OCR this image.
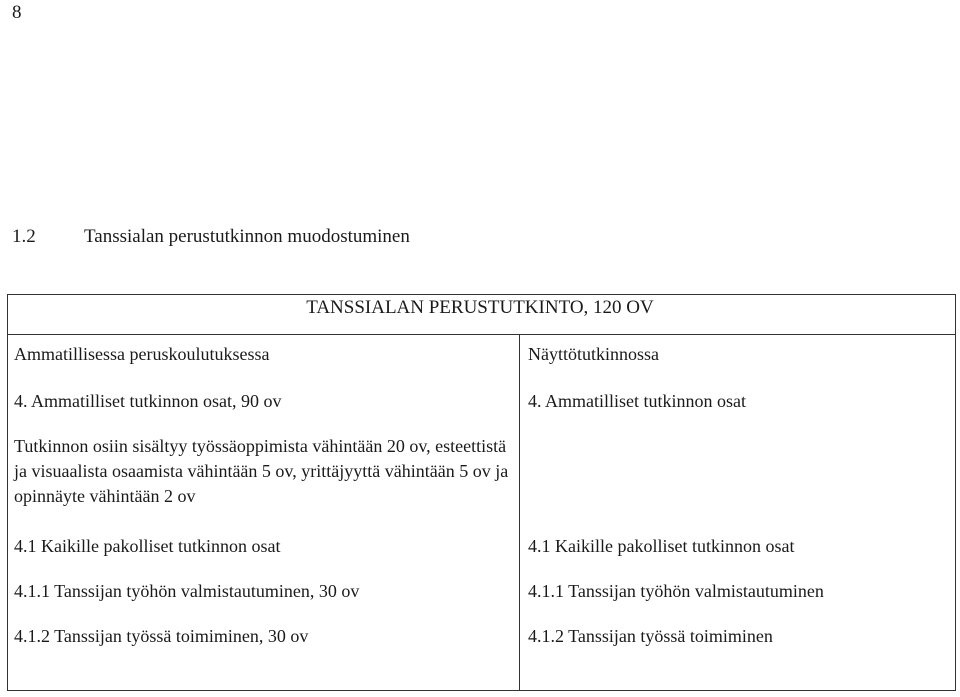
8
1.2	Tanssialan perustutkinnon muodostuminen
TANSSIALAN PERUSTUTKINTO, 120 OV
Ammatillisessa peruskoulutuksessa
4. Ammatilliset tutkinnon osat, 90 ov
Tutkinnon osiin sisältyy työssäoppimista vähintään 20 ov, esteettistä ja visuaalista osaamista vähintään 5 ov, yrittäjyyttä vähintään 5 ov ja opinnäyte vähintään 2 ov
4.1 Kaikille pakolliset tutkinnon osat
4.1.1 Tanssijan työhön valmistautuminen, 30 ov
4.1.2 Tanssijan työssä toimiminen, 30 ov
Näyttötutkinnossa
4. Ammatilliset tutkinnon osat
4.1 Kaikille pakolliset tutkinnon osat
4.1.1 Tanssijan työhön valmistautuminen
4.1.2 Tanssijan työssä toimiminen
